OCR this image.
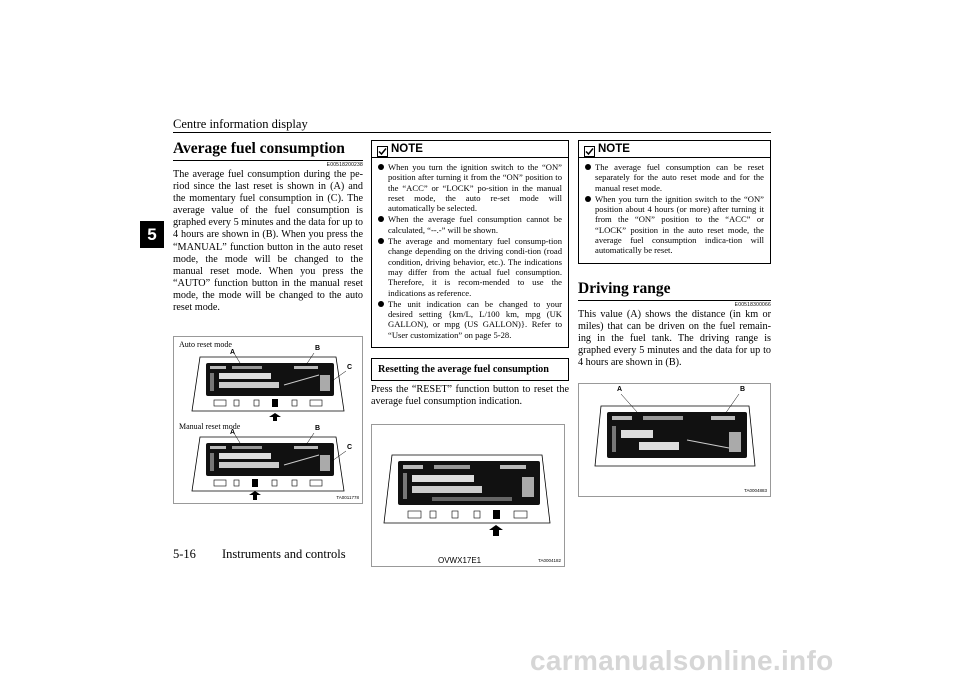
Centre information display
5
Average fuel consumption
E00518200238
The average fuel consumption during the pe-riod since the last reset is shown in (A) and the momentary fuel consumption in (C). The average value of the fuel consumption is graphed every 5 minutes and the data for up to 4 hours are shown in (B). When you press the “MANUAL” function button in the auto reset mode, the mode will be changed to the manual reset mode. When you press the “AUTO” function button in the manual reset mode, the mode will be changed to the auto reset mode.
Auto reset mode
Manual reset mode
A
B
C
A
B
C
TA0011778
NOTE
When you turn the ignition switch to the “ON” position after turning it from the “ON” position to the “ACC” or “LOCK” po-sition in the manual reset mode, the auto re-set mode will automatically be selected.
When the average fuel consumption cannot be calculated, “--.-” will be shown.
The average and momentary fuel consump-tion change depending on the driving condi-tion (road condition, driving behavior, etc.). The indications may differ from the actual fuel consumption. Therefore, it is recom-mended to use the indications as reference.
The unit indication can be changed to your desired setting {km/L, L/100 km, mpg (UK GALLON), or mpg (US GALLON)}. Refer to “User customization” on page 5-28.
Resetting the average fuel consumption
Press the “RESET” function button to reset the average fuel consumption indication.
TA0004182
NOTE
The average fuel consumption can be reset separately for the auto reset mode and for the manual reset mode.
When you turn the ignition switch to the “ON” position about 4 hours (or more) after turning it from the “ON” position to the “ACC” or “LOCK” position in the auto reset mode, the average fuel consumption indica-tion will automatically be reset.
Driving range
E00518300066
This value (A) shows the distance (in km or miles) that can be driven on the fuel remain-ing in the fuel tank. The driving range is graphed every 5 minutes and the data for up to 4 hours are shown in (B).
A	B
TA0004883
5-16 Instruments and controls	OVWX17E1
carmanualsonline.info
